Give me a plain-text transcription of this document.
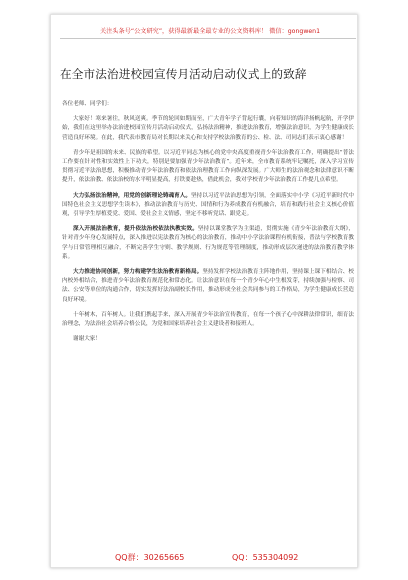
关注头条号“公文研究”，获得最新最全最专业的公文资料库！ 微信：gongwen1
在全市法治进校园宣传月活动启动仪式上的致辞

各位老师、同学们：

大家好！寒来暑往，秋风送爽。季节的轮回如期而至，广大青年学子背起行囊，向着知识的海洋扬帆起航，开学伊始，我们在这里举办法治进校园宣传月活动启动仪式，弘扬法治精神，推进法治教育，增强法治意识，为学生健康成长营造良好环境。在此，我代表市教育局对长期以来关心和支持学校法治教育的公、检、法、司同志们表示衷心感谢！

青少年是祖国的未来、民族的希望。以习近平同志为核心的党中央高度重视青少年法治教育工作，明确提出“普法工作要在针对性和实效性上下功夫，特别是要加强青少年法治教育”。近年来，全市教育系统牢记嘱托，深入学习宣传贯彻习近平法治思想，积极推动青少年法治教育和依法治理教育工作向纵深发展。广大师生的法治观念和法律意识不断提升，依法治教、依法治校的水平明显提高，打铁要趁热，借此机会，我对学校青少年法治教育工作提几点希望。

大力弘扬法治精神，用党的创新理论铸魂育人。坚持以习近平法治思想为引领，全面落实中小学《习近平新时代中国特色社会主义思想学生读本》，推动法治教育与历史、国情和行为养成教育有机融合，培育和践行社会主义核心价值观，引导学生厚植爱党、爱国、爱社会主义情感，坚定不移听党话、跟党走。

深入开展法治教育，提升依法治校依法执教实效。坚持以课堂教学为主渠道，贯彻实施《青少年法治教育大纲》，针对青少年身心发展特点，深入推进以宪法教育为核心的法治教育，推动中小学法治课程有机衔接，普法与学校教育教学与日常管理相互融合，不断完善学生守则、教学规则、行为规范等管理制度，推动形成层次递进的法治教育教学体系。

大力推进协同创新，努力构建学生法治教育新格局。坚持发挥学校法治教育主阵地作用，坚持课上课下相结合、校内校外相结合，推进青少年法治教育规范化和常态化。让法治意识在每一个青少年心中生根发芽，持续加强与检察、司法、公安等单位的沟通合作，切实发挥好法治副校长作用，推动形成全社会共同参与的工作格局，为学生健康成长营造良好环境。

十年树木，百年树人。让我们携起手来，深入开展青少年法治宣传教育，在每一个孩子心中深耕法律常识，细育法治理念，为法治社会培养合格公民，为党和国家培养社会主义建设者和接班人。

谢谢大家！

QQ群：30265665	QQ：535304092
